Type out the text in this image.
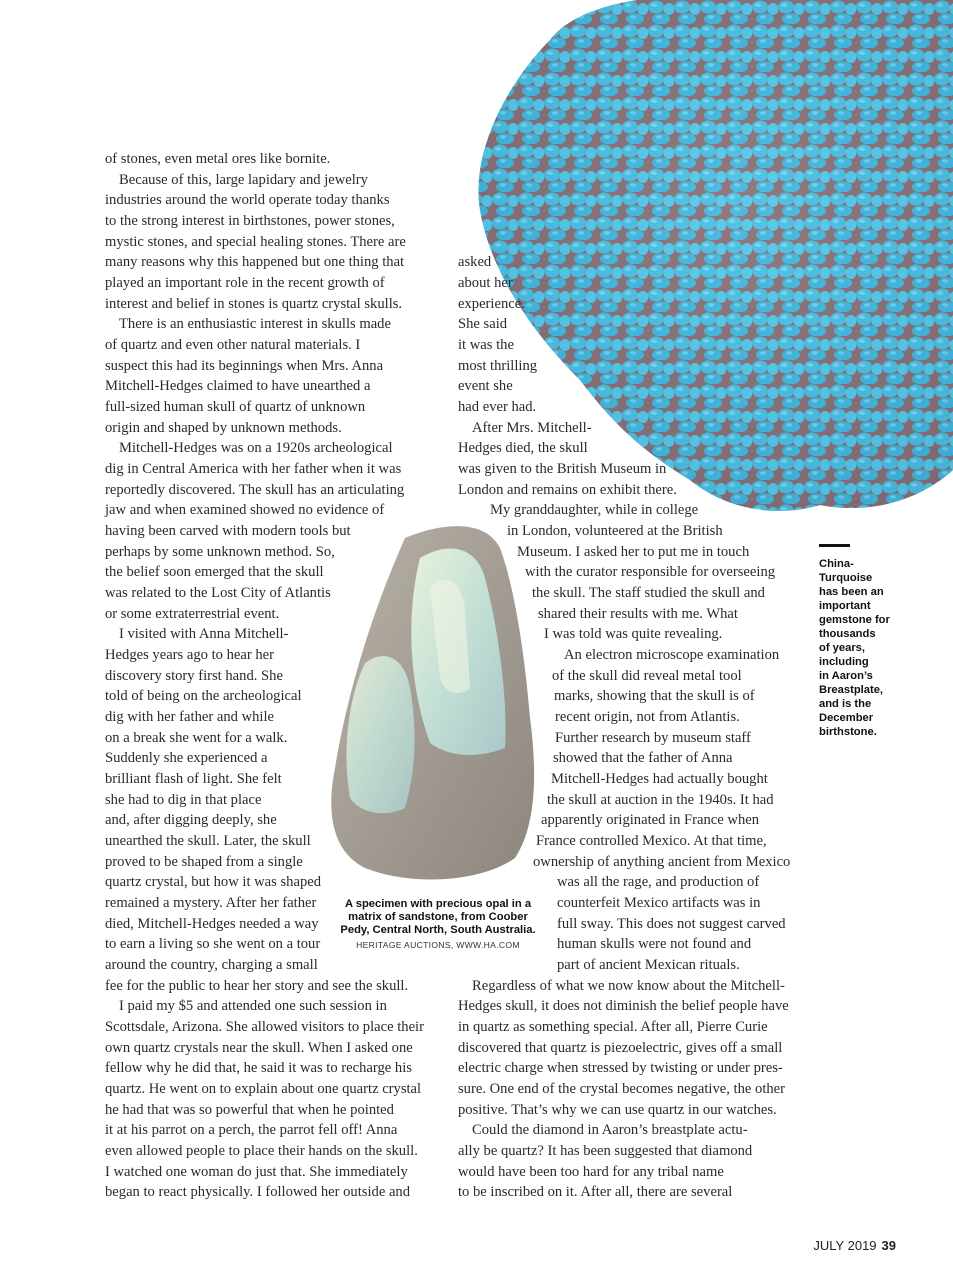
of stones, even metal ores like bornite.
Because of this, large lapidary and jewelry
industries around the world operate today thanks
to the strong interest in birthstones, power stones,
mystic stones, and special healing stones. There are
many reasons why this happened but one thing that
played an important role in the recent growth of
interest and belief in stones is quartz crystal skulls.
There is an enthusiastic interest in skulls made
of quartz and even other natural materials. I
suspect this had its beginnings when Mrs. Anna
Mitchell-Hedges claimed to have unearthed a
full-sized human skull of quartz of unknown
origin and shaped by unknown methods.
Mitchell-Hedges was on a 1920s archeological
dig in Central America with her father when it was
reportedly discovered. The skull has an articulating
jaw and when examined showed no evidence of
having been carved with modern tools but
perhaps by some unknown method. So,
the belief soon emerged that the skull
was related to the Lost City of Atlantis
or some extraterrestrial event.
I visited with Anna Mitchell-
Hedges years ago to hear her
discovery story first hand. She
told of being on the archeological
dig with her father and while
on a break she went for a walk.
Suddenly she experienced a
brilliant flash of light. She felt
she had to dig in that place
and, after digging deeply, she
unearthed the skull. Later, the skull
proved to be shaped from a single
quartz crystal, but how it was shaped
remained a mystery. After her father
died, Mitchell-Hedges needed a way
to earn a living so she went on a tour
around the country, charging a small
fee for the public to hear her story and see the skull.
I paid my $5 and attended one such session in
Scottsdale, Arizona. She allowed visitors to place their
own quartz crystals near the skull. When I asked one
fellow why he did that, he said it was to recharge his
quartz. He went on to explain about one quartz crystal
he had that was so powerful that when he pointed
it at his parrot on a perch, the parrot fell off! Anna
even allowed people to place their hands on the skull.
I watched one woman do just that. She immediately
began to react physically. I followed her outside and
asked
about her
experience.
She said
it was the
most thrilling
event she
had ever had.
After Mrs. Mitchell-
Hedges died, the skull
was given to the British Museum in
London and remains on exhibit there.
My granddaughter, while in college
in London, volunteered at the British
Museum. I asked her to put me in touch
with the curator responsible for overseeing
the skull. The staff studied the skull and
shared their results with me. What
I was told was quite revealing.
An electron microscope examination
of the skull did reveal metal tool
marks, showing that the skull is of
recent origin, not from Atlantis.
Further research by museum staff
showed that the father of Anna
Mitchell-Hedges had actually bought
the skull at auction in the 1940s. It had
apparently originated in France when
France controlled Mexico. At that time,
ownership of anything ancient from Mexico
was all the rage, and production of
counterfeit Mexico artifacts was in
full sway. This does not suggest carved
human skulls were not found and
part of ancient Mexican rituals.
Regardless of what we now know about the Mitchell-
Hedges skull, it does not diminish the belief people have
in quartz as something special. After all, Pierre Curie
discovered that quartz is piezoelectric, gives off a small
electric charge when stressed by twisting or under pres-
sure. One end of the crystal becomes negative, the other
positive. That’s why we can use quartz in our watches.
Could the diamond in Aaron’s breastplate actu-
ally be quartz? It has been suggested that diamond
would have been too hard for any tribal name
to be inscribed on it. After all, there are several
A specimen with precious opal in a
matrix of sandstone, from Coober
Pedy, Central North, South Australia.
HERITAGE AUCTIONS, WWW.HA.COM
China-
Turquoise
has been an
important
gemstone for
thousands
of years,
including
in Aaron’s
Breastplate,
and is the
December
birthstone.
JULY 2019 39
